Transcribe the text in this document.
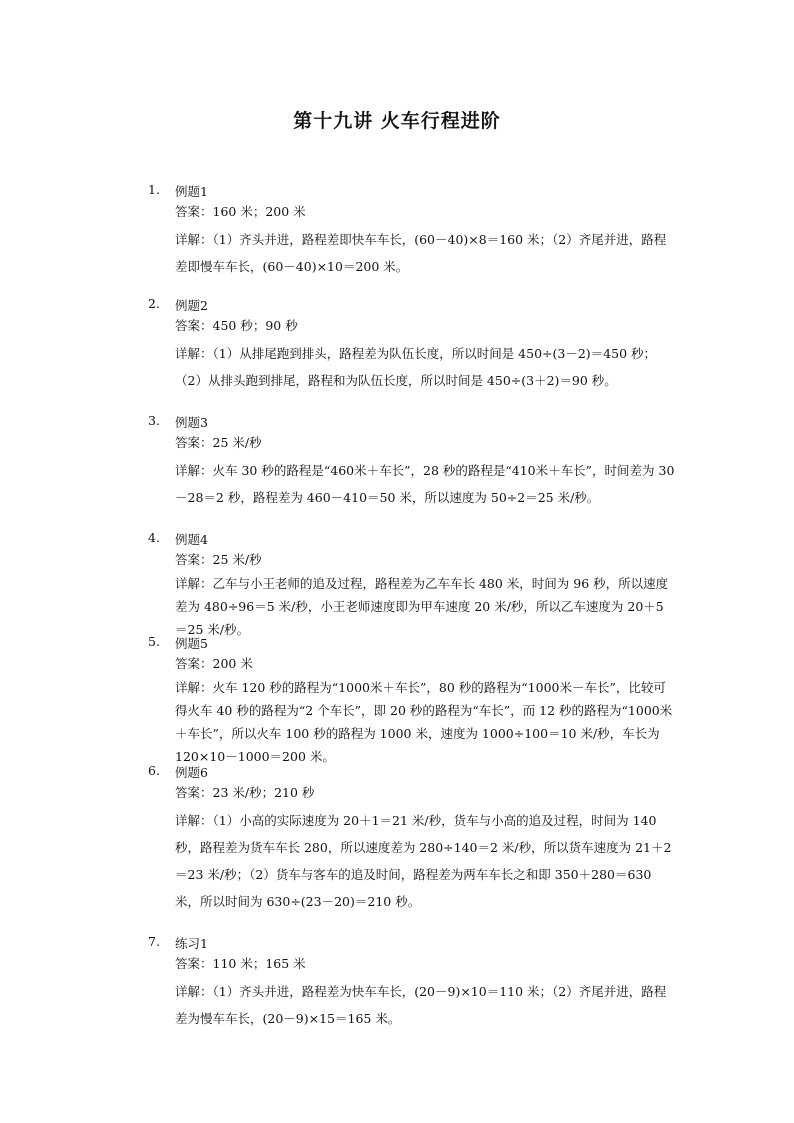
第十九讲 火车行程进阶
1.	例题1
答案：160 米；200 米
详解：（1）齐头并进，路程差即快车车长，(60－40)×8＝160 米；（2）齐尾并进，路程差即慢车车长，(60－40)×10＝200 米。
2.	例题2
答案：450 秒；90 秒
详解：（1）从排尾跑到排头，路程差为队伍长度，所以时间是 450÷(3－2)＝450 秒；（2）从排头跑到排尾，路程和为队伍长度，所以时间是 450÷(3＋2)＝90 秒。
3.	例题3
答案：25 米/秒
详解：火车 30 秒的路程是“460米＋车长”，28 秒的路程是“410米＋车长”，时间差为 30－28＝2 秒，路程差为 460－410＝50 米，所以速度为 50÷2＝25 米/秒。
4.	例题4
答案：25 米/秒
详解：乙车与小王老师的追及过程，路程差为乙车车长 480 米，时间为 96 秒，所以速度差为 480÷96＝5 米/秒，小王老师速度即为甲车速度 20 米/秒，所以乙车速度为 20＋5＝25 米/秒。
5.	例题5
答案：200 米
详解：火车 120 秒的路程为“1000米＋车长”，80 秒的路程为“1000米－车长”，比较可得火车 40 秒的路程为“2 个车长”，即 20 秒的路程为“车长”，而 12 秒的路程为“1000米＋车长”，所以火车 100 秒的路程为 1000 米，速度为 1000÷100＝10 米/秒，车长为 120×10－1000＝200 米。
6.	例题6
答案：23 米/秒；210 秒
详解：（1）小高的实际速度为 20＋1＝21 米/秒，货车与小高的追及过程，时间为 140 秒，路程差为货车车长 280，所以速度差为 280÷140＝2 米/秒，所以货车速度为 21＋2＝23 米/秒；（2）货车与客车的追及时间，路程差为两车车长之和即 350＋280＝630 米，所以时间为 630÷(23－20)＝210 秒。
7.	练习1
答案：110 米；165 米
详解：（1）齐头并进，路程差为快车车长，(20－9)×10＝110 米；（2）齐尾并进，路程差为慢车车长，(20－9)×15＝165 米。
